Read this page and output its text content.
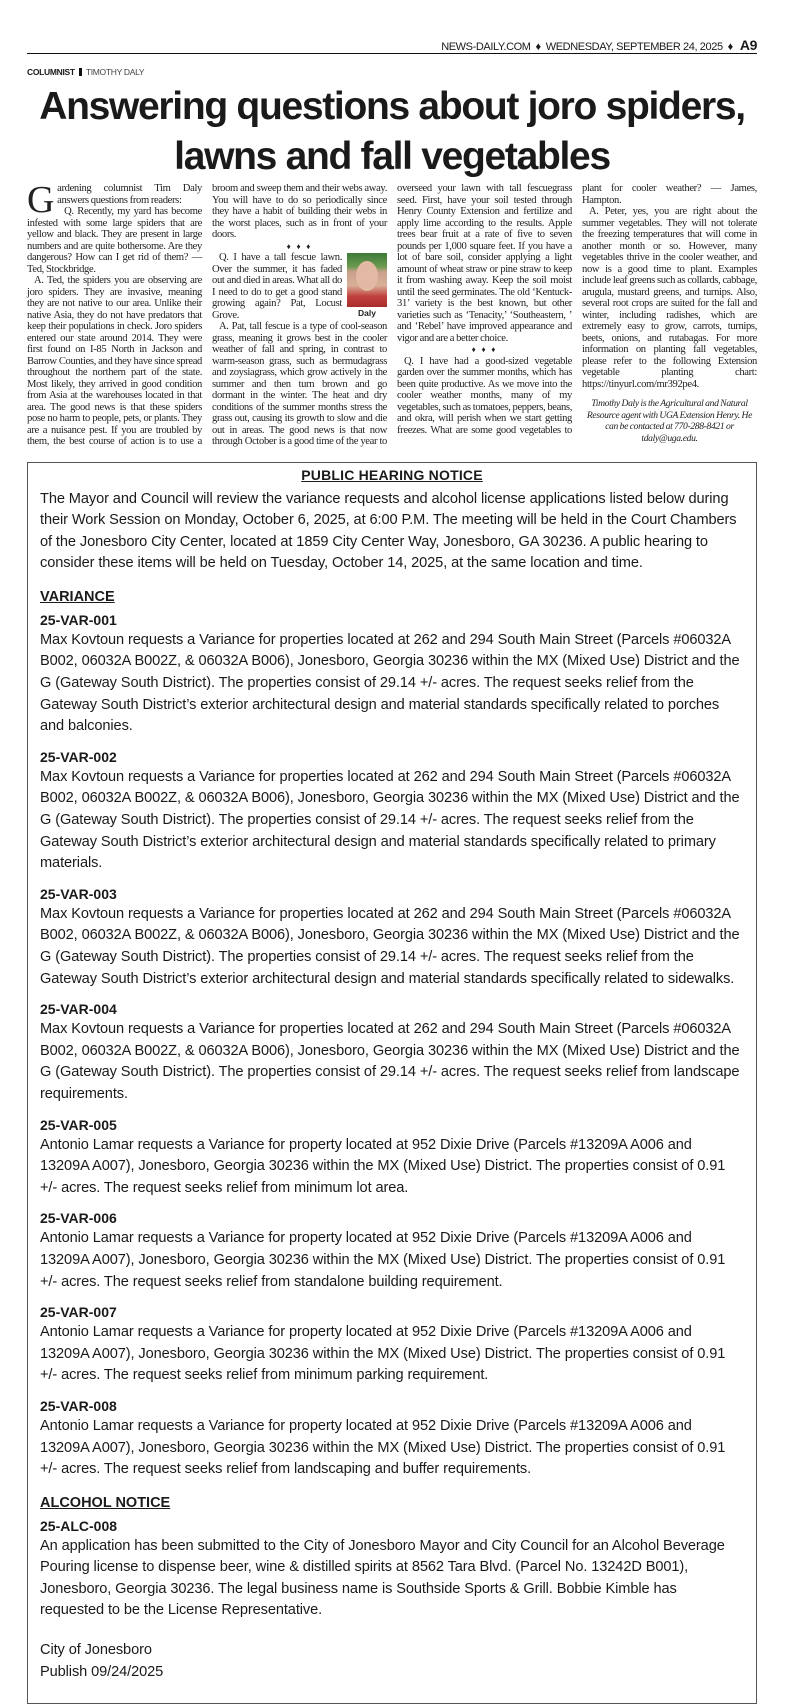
NEWS-DAILY.COM ♦ WEDNESDAY, SEPTEMBER 24, 2025 ♦ A9
COLUMNIST TIMOTHY DALY
Answering questions about joro spiders, lawns and fall vegetables

Gardening columnist Tim Daly answers questions from readers:

Q. Recently, my yard has become infested with some large spiders that are yellow and black. They are present in large numbers and are quite bothersome. Are they dangerous? How can I get rid of them? — Ted, Stockbridge.

A. Ted, the spiders you are observing are joro spiders. They are invasive, meaning they are not native to our area. Unlike their native Asia, they do not have predators that keep their populations in check. Joro spiders entered our state around 2014. They were first found on I-85 North in Jackson and Barrow Counties, and they have since spread throughout the northern part of the state. Most likely, they arrived in good condition from Asia at the warehouses located in that area. The good news is that these spiders pose no harm to people, pets, or plants. They are a nuisance pest. If you are troubled by them, the best course of action is to use a broom and sweep them and their webs away. You will have to do so periodically since they have a habit of building their webs in the worst places, such as in front of your doors.

♦ ♦ ♦

Daly
Q. I have a tall fescue lawn. Over the summer, it has faded out and died in areas. What all do I need to do to get a good stand growing again? Pat, Locust Grove.

A. Pat, tall fescue is a type of cool-season grass, meaning it grows best in the cooler weather of fall and spring, in contrast to warm-season grass, such as bermudagrass and zoysiagrass, which grow actively in the summer and then turn brown and go dormant in the winter. The heat and dry conditions of the summer months stress the grass out, causing its growth to slow and die out in areas. The good news is that now through October is a good time of the year to overseed your lawn with tall fescuegrass seed. First, have your soil tested through Henry County Extension and fertilize and apply lime according to the results. Apple trees bear fruit at a rate of five to seven pounds per 1,000 square feet. If you have a lot of bare soil, consider applying a light amount of wheat straw or pine straw to keep it from washing away. Keep the soil moist until the seed germinates. The old ‘Kentuck-31’ variety is the best known, but other varieties such as ‘Tenacity,’ ‘Southeastern, ’ and ‘Rebel’ have improved appearance and vigor and are a better choice.

♦ ♦ ♦

Q. I have had a good-sized vegetable garden over the summer months, which has been quite productive. As we move into the cooler weather months, many of my vegetables, such as tomatoes, peppers, beans, and okra, will perish when we start getting freezes. What are some good vegetables to plant for cooler weather? — James, Hampton.

A. Peter, yes, you are right about the summer vegetables. They will not tolerate the freezing temperatures that will come in another month or so. However, many vegetables thrive in the cooler weather, and now is a good time to plant. Examples include leaf greens such as collards, cabbage, arugula, mustard greens, and turnips. Also, several root crops are suited for the fall and winter, including radishes, which are extremely easy to grow, carrots, turnips, beets, onions, and rutabagas. For more information on planting fall vegetables, please refer to the following Extension vegetable planting chart: https://tinyurl.com/mr392pe4.

Timothy Daly is the Agricultural and Natural Resource agent with UGA Extension Henry. He can be contacted at 770-288-8421 or tdaly@uga.edu.

PUBLIC HEARING NOTICE
The Mayor and Council will review the variance requests and alcohol license applications listed below during their Work Session on Monday, October 6, 2025, at 6:00 P.M. The meeting will be held in the Court Chambers of the Jonesboro City Center, located at 1859 City Center Way, Jonesboro, GA 30236. A public hearing to consider these items will be held on Tuesday, October 14, 2025, at the same location and time.
VARIANCE
25-VAR-001
Max Kovtoun requests a Variance for properties located at 262 and 294 South Main Street (Parcels #06032A B002, 06032A B002Z, & 06032A B006), Jonesboro, Georgia 30236 within the MX (Mixed Use) District and the G (Gateway South District). The properties consist of 29.14 +/- acres. The request seeks relief from the Gateway South District’s exterior architectural design and material standards specifically related to porches and balconies.
25-VAR-002
Max Kovtoun requests a Variance for properties located at 262 and 294 South Main Street (Parcels #06032A B002, 06032A B002Z, & 06032A B006), Jonesboro, Georgia 30236 within the MX (Mixed Use) District and the G (Gateway South District). The properties consist of 29.14 +/- acres. The request seeks relief from the Gateway South District’s exterior architectural design and material standards specifically related to primary materials.
25-VAR-003
Max Kovtoun requests a Variance for properties located at 262 and 294 South Main Street (Parcels #06032A B002, 06032A B002Z, & 06032A B006), Jonesboro, Georgia 30236 within the MX (Mixed Use) District and the G (Gateway South District). The properties consist of 29.14 +/- acres. The request seeks relief from the Gateway South District’s exterior architectural design and material standards specifically related to sidewalks.
25-VAR-004
Max Kovtoun requests a Variance for properties located at 262 and 294 South Main Street (Parcels #06032A B002, 06032A B002Z, & 06032A B006), Jonesboro, Georgia 30236 within the MX (Mixed Use) District and the G (Gateway South District). The properties consist of 29.14 +/- acres. The request seeks relief from landscape requirements.
25-VAR-005
Antonio Lamar requests a Variance for property located at 952 Dixie Drive (Parcels #13209A A006 and 13209A A007), Jonesboro, Georgia 30236 within the MX (Mixed Use) District. The properties consist of 0.91 +/- acres. The request seeks relief from minimum lot area.
25-VAR-006
Antonio Lamar requests a Variance for property located at 952 Dixie Drive (Parcels #13209A A006 and 13209A A007), Jonesboro, Georgia 30236 within the MX (Mixed Use) District. The properties consist of 0.91 +/- acres. The request seeks relief from standalone building requirement.
25-VAR-007
Antonio Lamar requests a Variance for property located at 952 Dixie Drive (Parcels #13209A A006 and 13209A A007), Jonesboro, Georgia 30236 within the MX (Mixed Use) District. The properties consist of 0.91 +/- acres. The request seeks relief from minimum parking requirement.
25-VAR-008
Antonio Lamar requests a Variance for property located at 952 Dixie Drive (Parcels #13209A A006 and 13209A A007), Jonesboro, Georgia 30236 within the MX (Mixed Use) District. The properties consist of 0.91 +/- acres. The request seeks relief from landscaping and buffer requirements.
ALCOHOL NOTICE
25-ALC-008
An application has been submitted to the City of Jonesboro Mayor and City Council for an Alcohol Beverage Pouring license to dispense beer, wine & distilled spirits at 8562 Tara Blvd. (Parcel No. 13242D B001), Jonesboro, Georgia 30236. The legal business name is Southside Sports & Grill. Bobbie Kimble has requested to be the License Representative.
City of Jonesboro
Publish 09/24/2025
